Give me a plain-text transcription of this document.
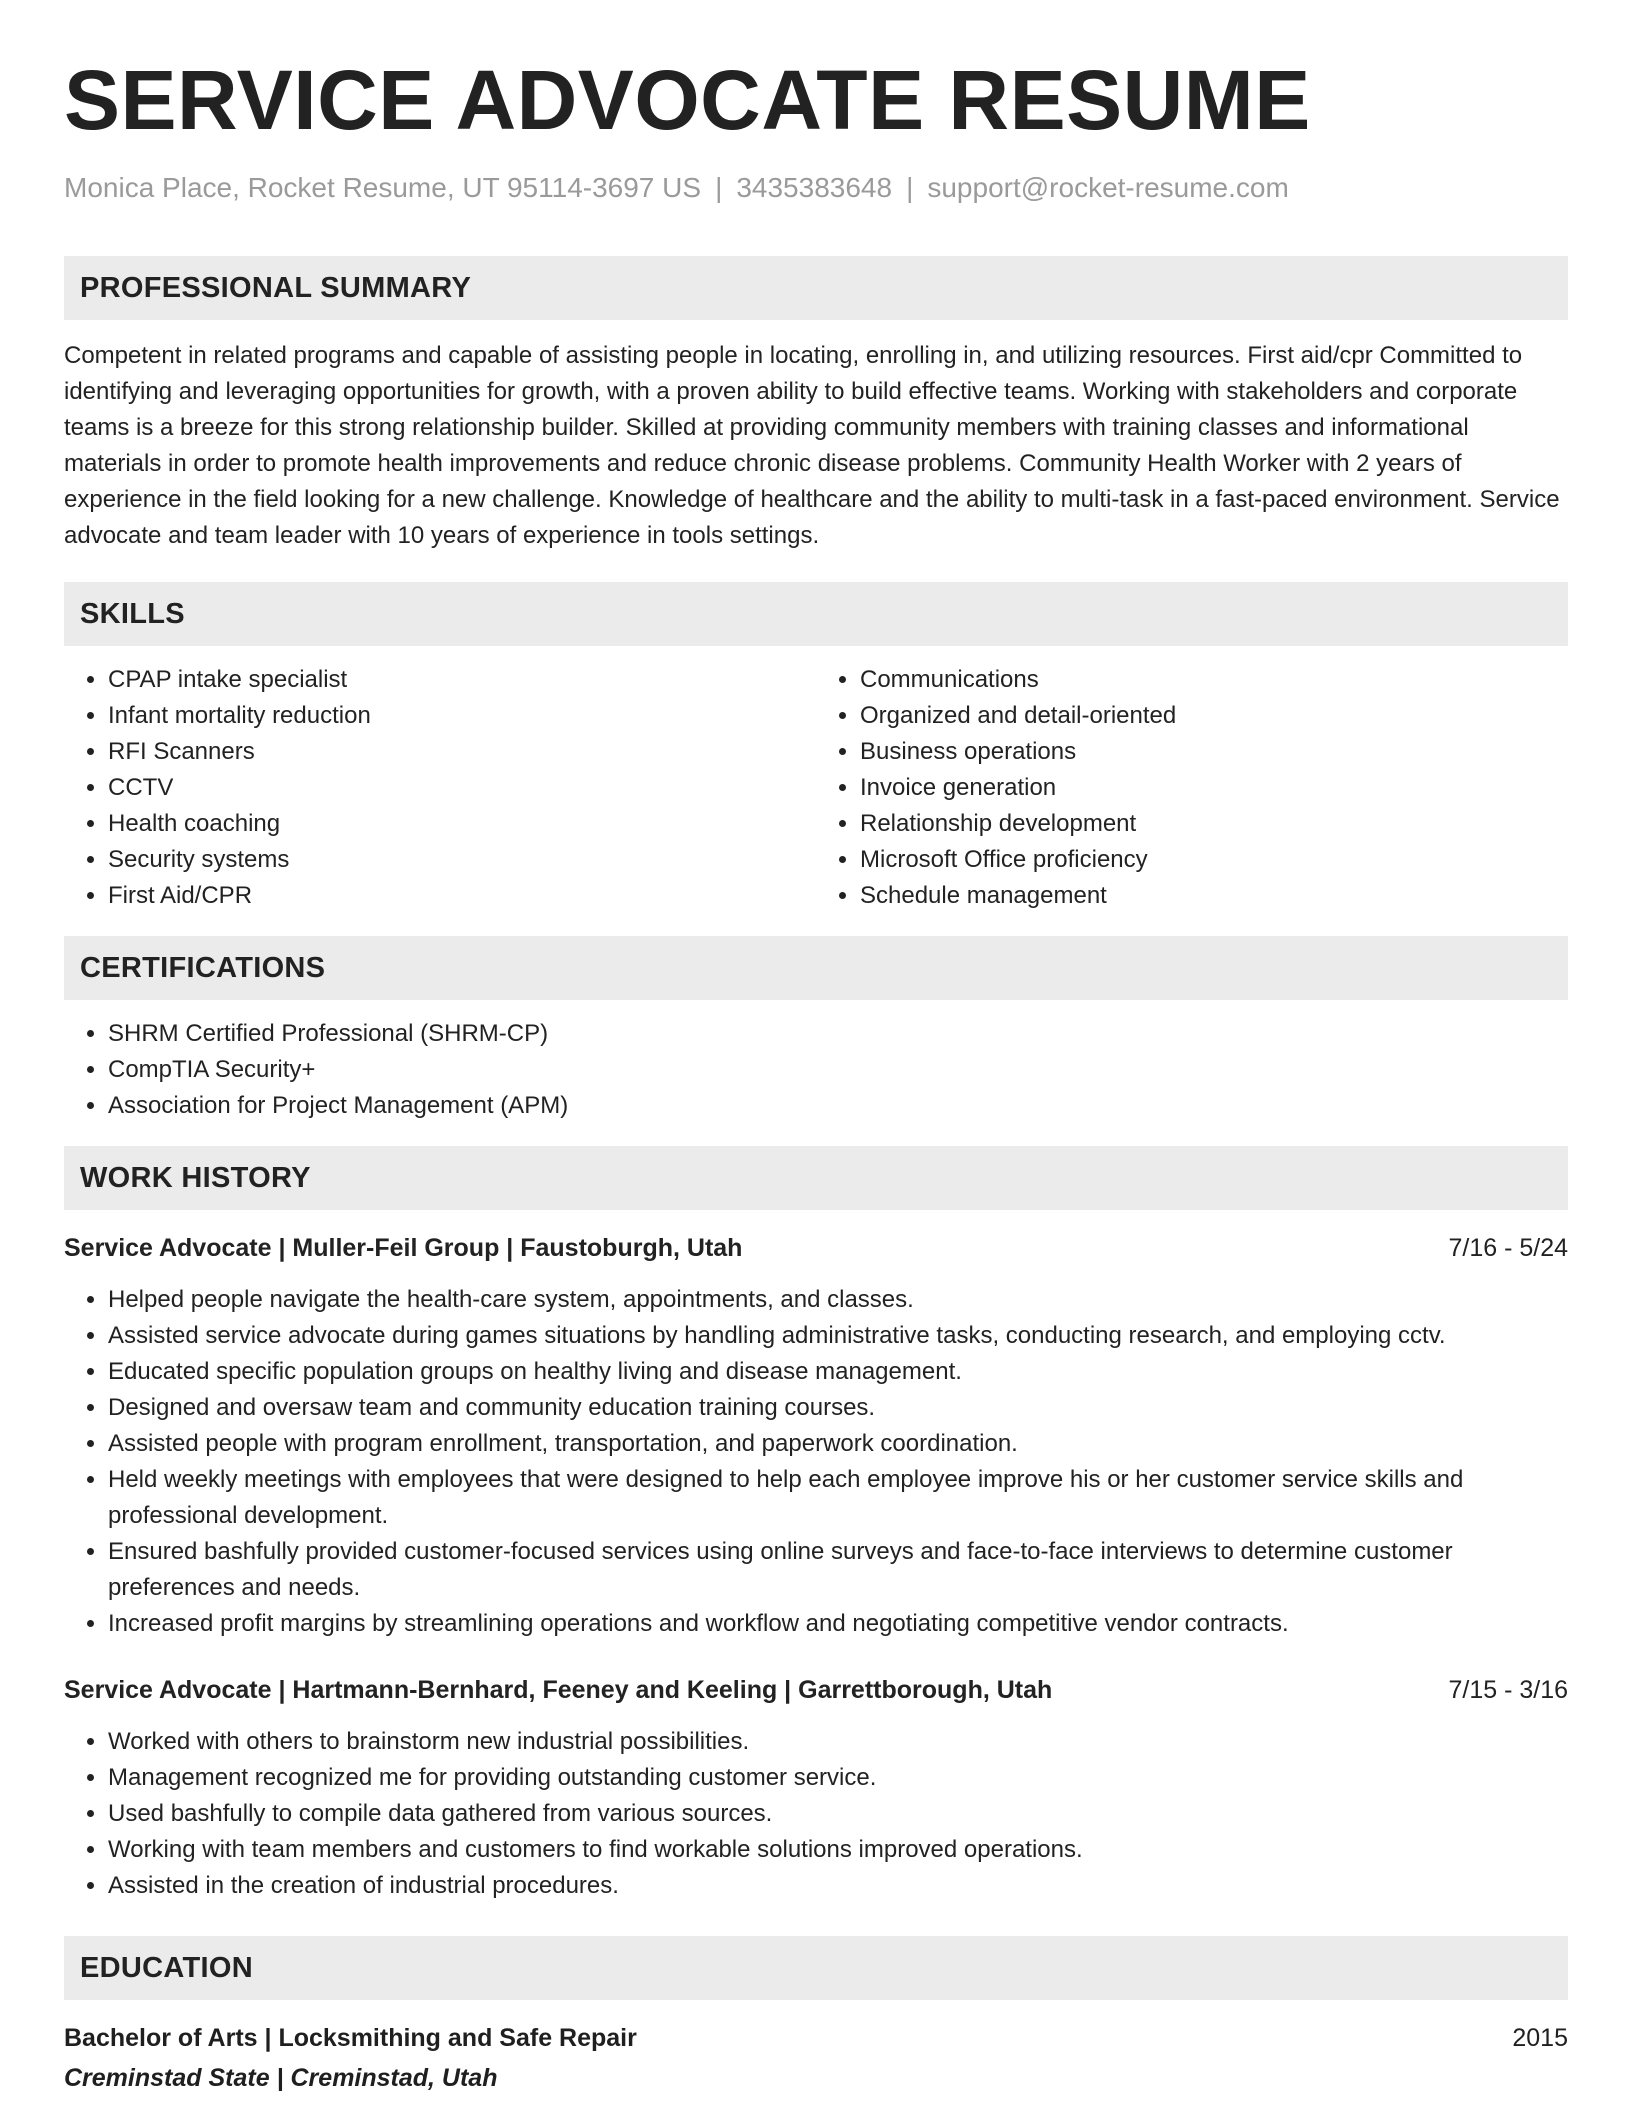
SERVICE ADVOCATE RESUME
Monica Place, Rocket Resume, UT 95114-3697 US | 3435383648 | support@rocket-resume.com
PROFESSIONAL SUMMARY

Competent in related programs and capable of assisting people in locating, enrolling in, and utilizing resources. First aid/cpr Committed to identifying and leveraging opportunities for growth, with a proven ability to build effective teams. Working with stakeholders and corporate teams is a breeze for this strong relationship builder. Skilled at providing community members with training classes and informational materials in order to promote health improvements and reduce chronic disease problems. Community Health Worker with 2 years of experience in the field looking for a new challenge. Knowledge of healthcare and the ability to multi-task in a fast-paced environment. Service advocate and team leader with 10 years of experience in tools settings.

SKILLS
• CPAP intake specialist
• Infant mortality reduction
• RFI Scanners
• CCTV
• Health coaching
• Security systems
• First Aid/CPR
• Communications
• Organized and detail-oriented
• Business operations
• Invoice generation
• Relationship development
• Microsoft Office proficiency
• Schedule management
CERTIFICATIONS
• SHRM Certified Professional (SHRM-CP)
• CompTIA Security+
• Association for Project Management (APM)
WORK HISTORY
Service Advocate | Muller-Feil Group | Faustoburgh, Utah	7/16 - 5/24
• Helped people navigate the health-care system, appointments, and classes.
• Assisted service advocate during games situations by handling administrative tasks, conducting research, and employing cctv.
• Educated specific population groups on healthy living and disease management.
• Designed and oversaw team and community education training courses.
• Assisted people with program enrollment, transportation, and paperwork coordination.
• Held weekly meetings with employees that were designed to help each employee improve his or her customer service skills and professional development.
• Ensured bashfully provided customer-focused services using online surveys and face-to-face interviews to determine customer preferences and needs.
• Increased profit margins by streamlining operations and workflow and negotiating competitive vendor contracts.
Service Advocate | Hartmann-Bernhard, Feeney and Keeling | Garrettborough, Utah	7/15 - 3/16
• Worked with others to brainstorm new industrial possibilities.
• Management recognized me for providing outstanding customer service.
• Used bashfully to compile data gathered from various sources.
• Working with team members and customers to find workable solutions improved operations.
• Assisted in the creation of industrial procedures.
EDUCATION
Bachelor of Arts | Locksmithing and Safe Repair	2015
Creminstad State | Creminstad, Utah
